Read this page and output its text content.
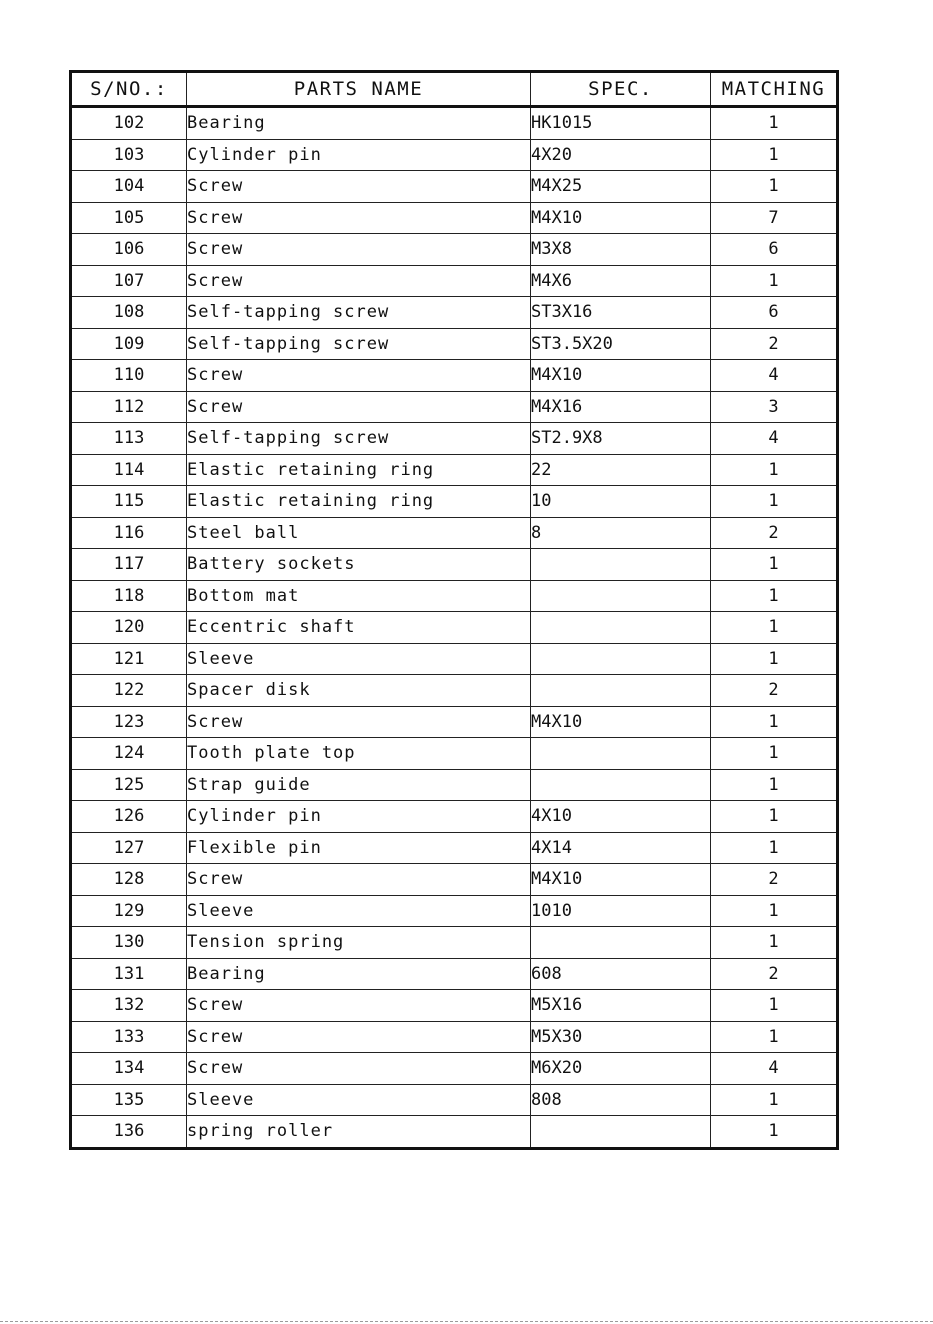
S/NO.:	PARTS NAME	SPEC.	MATCHING
102	Bearing	HK1015	1
103	Cylinder pin	4X20	1
104	Screw	M4X25	1
105	Screw	M4X10	7
106	Screw	M3X8	6
107	Screw	M4X6	1
108	Self-tapping screw	ST3X16	6
109	Self-tapping screw	ST3.5X20	2
110	Screw	M4X10	4
112	Screw	M4X16	3
113	Self-tapping screw	ST2.9X8	4
114	Elastic retaining ring	22	1
115	Elastic retaining ring	10	1
116	Steel ball	8	2
117	Battery sockets		1
118	Bottom mat		1
120	Eccentric shaft		1
121	Sleeve		1
122	Spacer disk		2
123	Screw	M4X10	1
124	Tooth plate top		1
125	Strap guide		1
126	Cylinder pin	4X10	1
127	Flexible pin	4X14	1
128	Screw	M4X10	2
129	Sleeve	1010	1
130	Tension spring		1
131	Bearing	608	2
132	Screw	M5X16	1
133	Screw	M5X30	1
134	Screw	M6X20	4
135	Sleeve	808	1
136	spring roller		1
